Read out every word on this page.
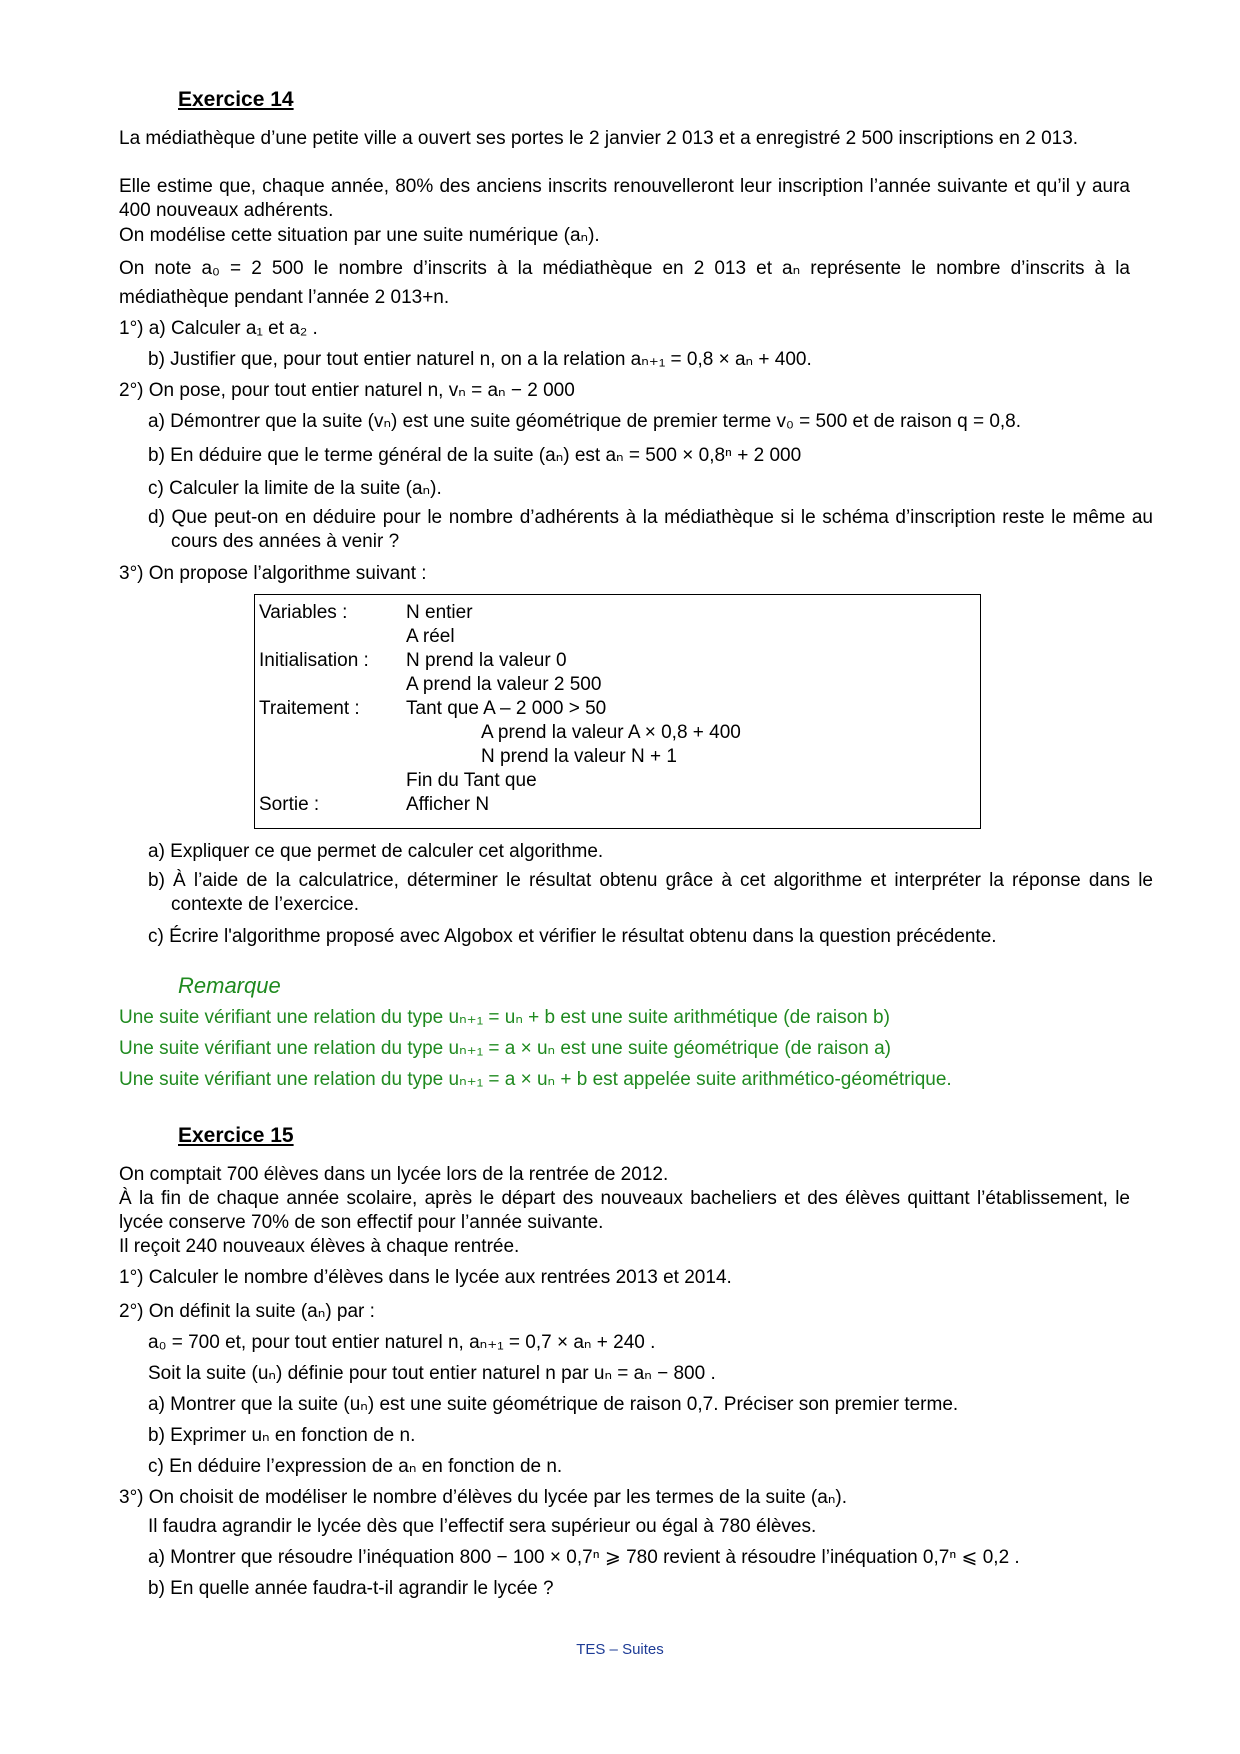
Exercice 14
La médiathèque d’une petite ville a ouvert ses portes le 2 janvier 2 013 et a enregistré 2 500 inscriptions en 2 013.
Elle estime que, chaque année, 80% des anciens inscrits renouvelleront leur inscription l’année suivante et qu’il y aura 400 nouveaux adhérents.
On modélise cette situation par une suite numérique (aₙ).
On note a₀ = 2 500 le nombre d’inscrits à la médiathèque en 2 013 et aₙ représente le nombre d’inscrits à la médiathèque pendant l’année 2 013+n.
1°) a) Calculer a₁ et a₂ .
b) Justifier que, pour tout entier naturel n, on a la relation aₙ₊₁ = 0,8 × aₙ + 400.
2°) On pose, pour tout entier naturel n, vₙ = aₙ − 2 000
a) Démontrer que la suite (vₙ) est une suite géométrique de premier terme v₀ = 500 et de raison q = 0,8.
b) En déduire que le terme général de la suite (aₙ) est aₙ = 500 × 0,8ⁿ + 2 000
c) Calculer la limite de la suite (aₙ).
d) Que peut-on en déduire pour le nombre d’adhérents à la médiathèque si le schéma d’inscription reste le même au cours des années à venir ?
3°) On propose l’algorithme suivant :
Variables :	N entier
A réel
Initialisation : N prend la valeur 0
A prend la valeur 2 500
Traitement : Tant que A – 2 000 > 50
A prend la valeur A × 0,8 + 400
N prend la valeur N + 1
Fin du Tant que
Sortie :	Afficher N
a) Expliquer ce que permet de calculer cet algorithme.
b) À l’aide de la calculatrice, déterminer le résultat obtenu grâce à cet algorithme et interpréter la réponse dans le contexte de l’exercice.
c) Écrire l'algorithme proposé avec Algobox et vérifier le résultat obtenu dans la question précédente.
Remarque
Une suite vérifiant une relation du type uₙ₊₁ = uₙ + b est une suite arithmétique (de raison b)
Une suite vérifiant une relation du type uₙ₊₁ = a × uₙ est une suite géométrique (de raison a)
Une suite vérifiant une relation du type uₙ₊₁ = a × uₙ + b est appelée suite arithmético-géométrique.
Exercice 15
On comptait 700 élèves dans un lycée lors de la rentrée de 2012.
À la fin de chaque année scolaire, après le départ des nouveaux bacheliers et des élèves quittant l’établissement, le lycée conserve 70% de son effectif pour l’année suivante.
Il reçoit 240 nouveaux élèves à chaque rentrée.
1°) Calculer le nombre d’élèves dans le lycée aux rentrées 2013 et 2014.
2°) On définit la suite (aₙ) par :
a₀ = 700 et, pour tout entier naturel n, aₙ₊₁ = 0,7 × aₙ + 240 .
Soit la suite (uₙ) définie pour tout entier naturel n par uₙ = aₙ − 800 .
a) Montrer que la suite (uₙ) est une suite géométrique de raison 0,7. Préciser son premier terme.
b) Exprimer uₙ en fonction de n.
c) En déduire l’expression de aₙ en fonction de n.
3°) On choisit de modéliser le nombre d’élèves du lycée par les termes de la suite (aₙ).
Il faudra agrandir le lycée dès que l’effectif sera supérieur ou égal à 780 élèves.
a) Montrer que résoudre l’inéquation 800 − 100 × 0,7ⁿ ⩾ 780 revient à résoudre l’inéquation 0,7ⁿ ⩽ 0,2 .
b) En quelle année faudra-t-il agrandir le lycée ?
TES – Suites
